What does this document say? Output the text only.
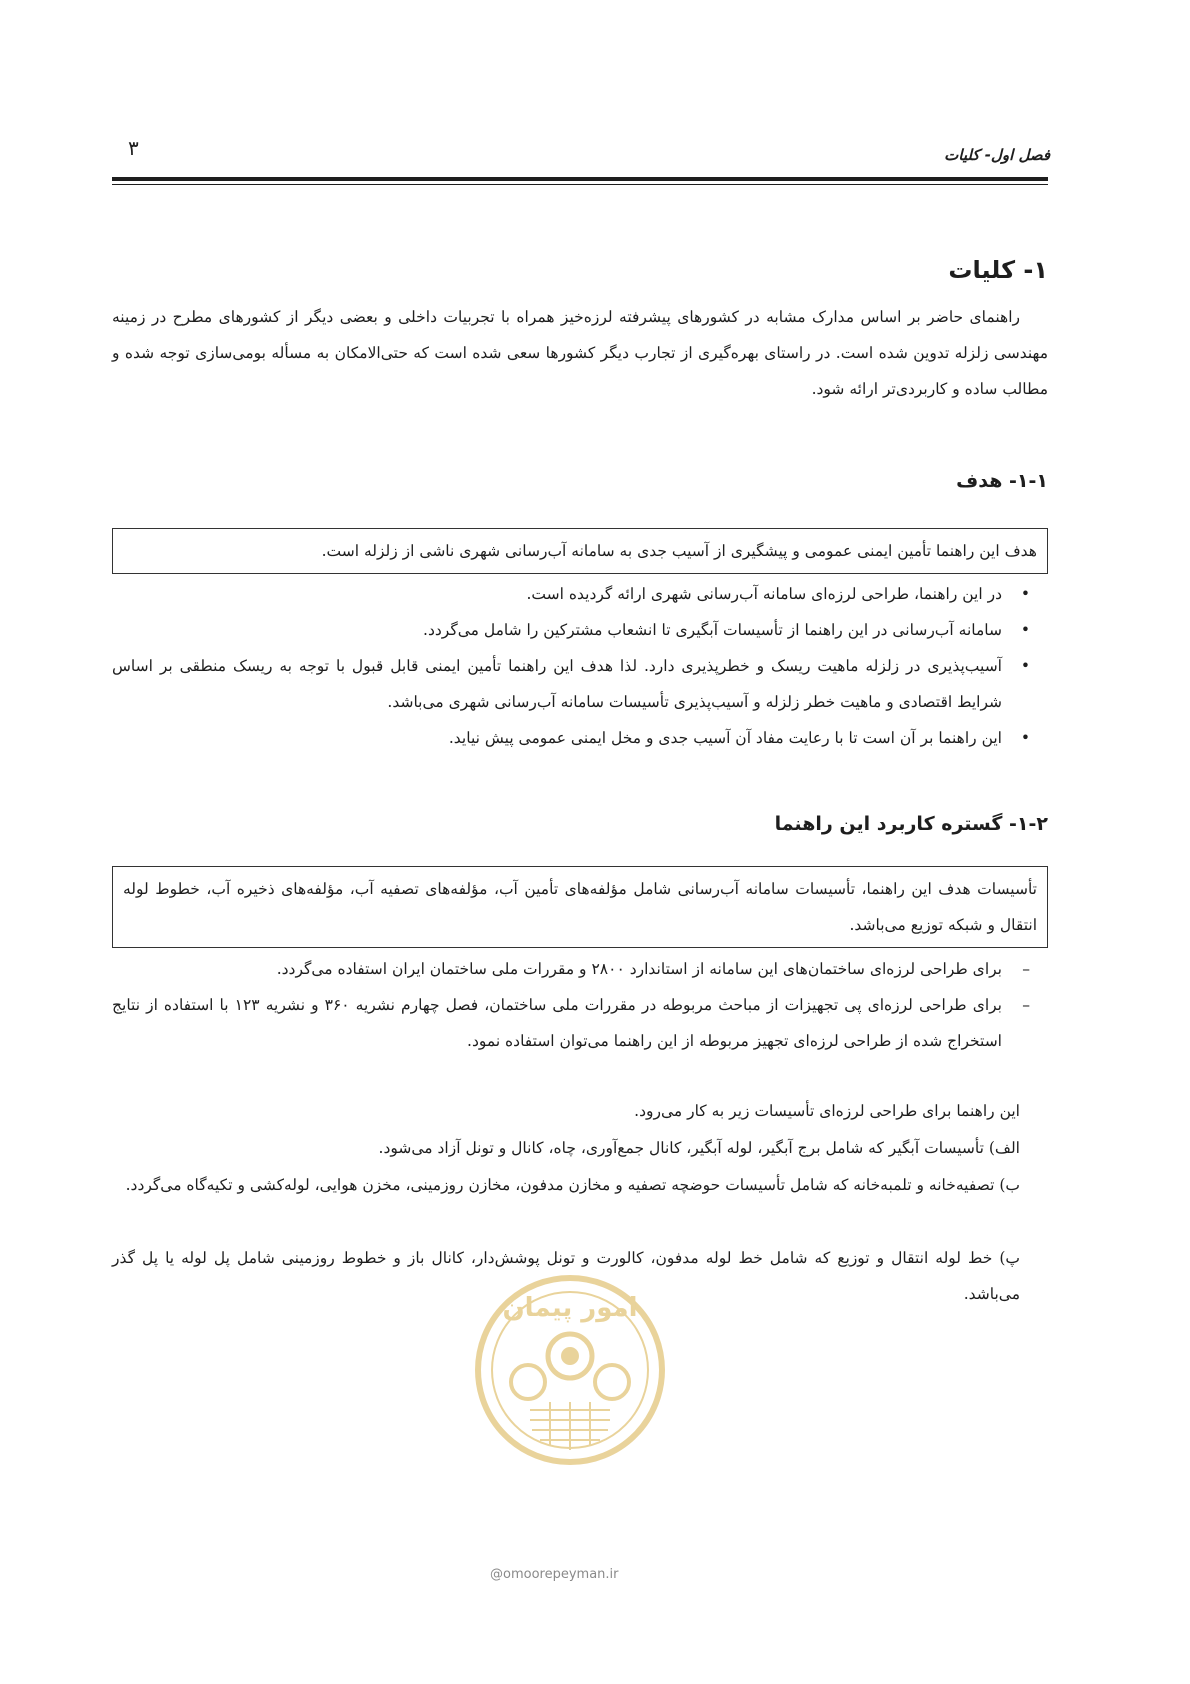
فصل اول- کلیات
۳
۱- کلیات

راهنمای حاضر بر اساس مدارک مشابه در کشورهای پیشرفته لرزه‌خیز همراه با تجربیات داخلی و بعضی دیگر از کشورهای مطرح در زمینه مهندسی زلزله تدوین شده است. در راستای بهره‌گیری از تجارب دیگر کشورها سعی شده است که حتی‌الامکان به مسأله بومی‌سازی توجه شده و مطالب ساده و کاربردی‌تر ارائه شود.

۱-۱- هدف
هدف این راهنما تأمین ایمنی عمومی و پیشگیری از آسیب جدی به سامانه آب‌رسانی شهری ناشی از زلزله است.
•
در این راهنما، طراحی لرزه‌ای سامانه آب‌رسانی شهری ارائه گردیده است.
•
سامانه آب‌رسانی در این راهنما از تأسیسات آبگیری تا انشعاب مشترکین را شامل می‌گردد.
•
آسیب‌پذیری در زلزله ماهیت ریسک و خطرپذیری دارد. لذا هدف این راهنما تأمین ایمنی قابل قبول با توجه به ریسک منطقی بر اساس شرایط اقتصادی و ماهیت خطر زلزله و آسیب‌پذیری تأسیسات سامانه آب‌رسانی شهری می‌باشد.
•
این راهنما بر آن است تا با رعایت مفاد آن آسیب جدی و مخل ایمنی عمومی پیش نیاید.
۱-۲- گستره کاربرد این راهنما
تأسیسات هدف این راهنما، تأسیسات سامانه آب‌رسانی شامل مؤلفه‌های تأمین آب، مؤلفه‌های تصفیه آب، مؤلفه‌های ذخیره آب، خطوط لوله انتقال و شبکه توزیع می‌باشد.
–
برای طراحی لرزه‌ای ساختمان‌های این سامانه از استاندارد ۲۸۰۰ و مقررات ملی ساختمان ایران استفاده می‌گردد.
–
برای طراحی لرزه‌ای پی تجهیزات از مباحث مربوطه در مقررات ملی ساختمان، فصل چهارم نشریه ۳۶۰ و نشریه ۱۲۳ با استفاده از نتایج استخراج شده از طراحی لرزه‌ای تجهیز مربوطه از این راهنما می‌توان استفاده نمود.

این راهنما برای طراحی لرزه‌ای تأسیسات زیر به کار می‌رود.

الف) تأسیسات آبگیر که شامل برج آبگیر، لوله آبگیر، کانال جمع‌آوری، چاه، کانال و تونل آزاد می‌شود.

ب) تصفیه‌خانه و تلمبه‌خانه که شامل تأسیسات حوضچه تصفیه و مخازن مدفون، مخازن روزمینی، مخزن هوایی، لوله‌کشی و تکیه‌گاه می‌گردد.

پ) خط لوله انتقال و توزیع که شامل خط لوله مدفون، کالورت و تونل پوشش‌دار، کانال باز و خطوط روزمینی شامل پل لوله یا پل گذر می‌باشد.

امور پیمان
@omoorepeyman.ir
